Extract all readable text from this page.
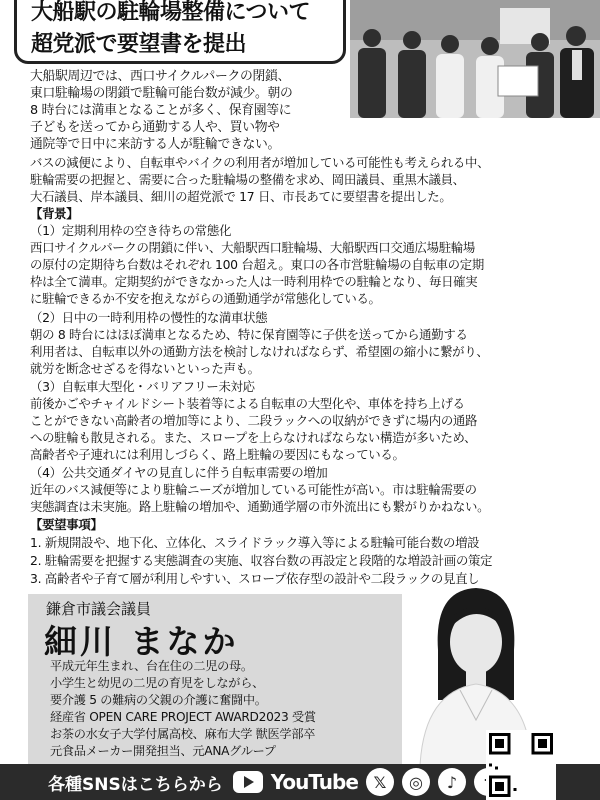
大船駅の駐輪場整備について
超党派で要望書を提出
大船駅周辺では、西口サイクルパークの閉鎖、
東口駐輪場の閉鎖で駐輪可能台数が減少。朝の
8 時台には満車となることが多く、保育園等に
子どもを送ってから通勤する人や、買い物や
通院等で日中に来訪する人が駐輪できない。
バスの減便により、自転車やバイクの利用者が増加している可能性も考えられる中、
駐輪需要の把握と、需要に合った駐輪場の整備を求め、岡田議員、重黒木議員、
大石議員、岸本議員、細川の超党派で 17 日、市長あてに要望書を提出した。
【背景】
（1）定期利用枠の空き待ちの常態化
西口サイクルパークの閉鎖に伴い、大船駅西口駐輪場、大船駅西口交通広場駐輪場
の原付の定期待ち台数はそれぞれ 100 台超え。東口の各市営駐輪場の自転車の定期
枠は全て満車。定期契約ができなかった人は一時利用枠での駐輪となり、毎日確実
に駐輪できるか不安を抱えながらの通勤通学が常態化している。
（2）日中の一時利用枠の慢性的な満車状態
朝の 8 時台にはほぼ満車となるため、特に保育園等に子供を送ってから通勤する
利用者は、自転車以外の通勤方法を検討しなければならず、希望園の縮小に繋がり、
就労を断念せざるを得ないといった声も。
（3）自転車大型化・バリアフリー未対応
前後かごやチャイルドシート装着等による自転車の大型化や、車体を持ち上げる
ことができない高齢者の増加等により、二段ラックへの収納ができずに場内の通路
への駐輪も散見される。また、スロープを上らなければならない構造が多いため、
高齢者や子連れには利用しづらく、路上駐輪の要因にもなっている。
（4）公共交通ダイヤの見直しに伴う自転車需要の増加
近年のバス減便等により駐輪ニーズが増加している可能性が高い。市は駐輪需要の
実態調査は未実施。路上駐輪の増加や、通勤通学層の市外流出にも繋がりかねない。
【要望事項】
1. 新規開設や、地下化、立体化、スライドラック導入等による駐輪可能台数の増設
2. 駐輪需要を把握する実態調査の実施、収容台数の再設定と段階的な増設計画の策定
3. 高齢者や子育て層が利用しやすい、スロープ依存型の設計や二段ラックの見直し
鎌倉市議会議員
細川 まなか
平成元年生まれ、台在住の二児の母。
小学生と幼児の二児の育児をしながら、
要介護 5 の難病の父親の介護に奮闘中。
経産省 OPEN CARE PROJECT AWARD2023 受賞
お茶の水女子大学付属高校、麻布大学 獣医学部卒
元食品メーカー開発担当、元ANAグループ
各種SNSはこちらから YouTube 𝕏	◎	♪
